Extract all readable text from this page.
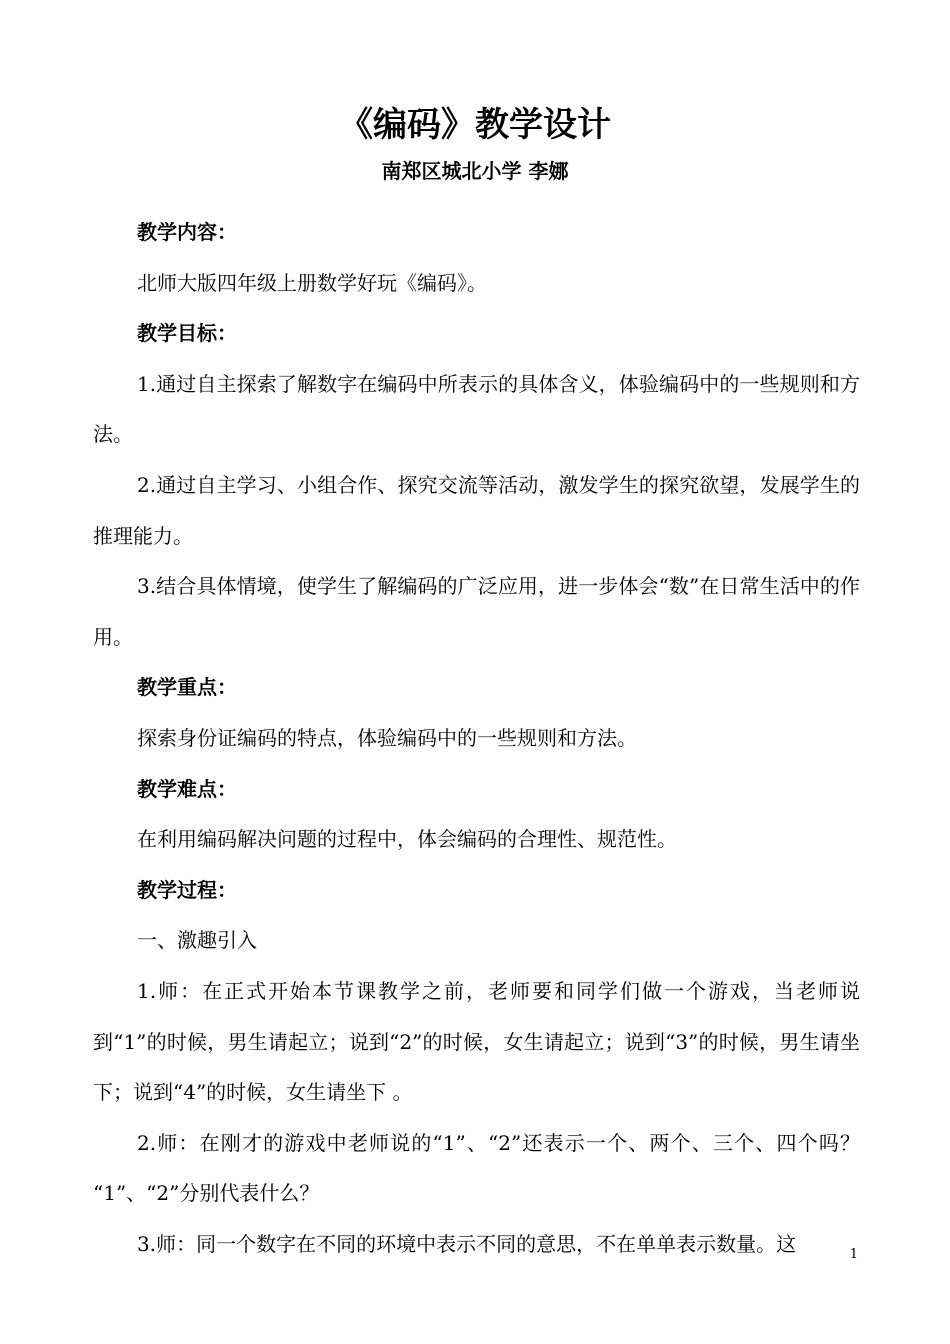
《编码》教学设计
南郑区城北小学 李娜

教学内容：

北师大版四年级上册数学好玩《编码》。

教学目标：

1.通过自主探索了解数字在编码中所表示的具体含义，体验编码中的一些规则和方法。

2.通过自主学习、小组合作、探究交流等活动，激发学生的探究欲望，发展学生的推理能力。

3.结合具体情境，使学生了解编码的广泛应用，进一步体会“数”在日常生活中的作用。

教学重点：

探索身份证编码的特点，体验编码中的一些规则和方法。

教学难点：

在利用编码解决问题的过程中，体会编码的合理性、规范性。

教学过程：

一、激趣引入

1.师：在正式开始本节课教学之前，老师要和同学们做一个游戏，当老师说到“1”的时候，男生请起立；说到“2”的时候，女生请起立；说到“3”的时候，男生请坐下；说到“4”的时候，女生请坐下 。

2.师：在刚才的游戏中老师说的“1”、“2”还表示一个、两个、三个、四个吗？ “1”、“2”分别代表什么？

3.师：同一个数字在不同的环境中表示不同的意思，不在单单表示数量。这	1
